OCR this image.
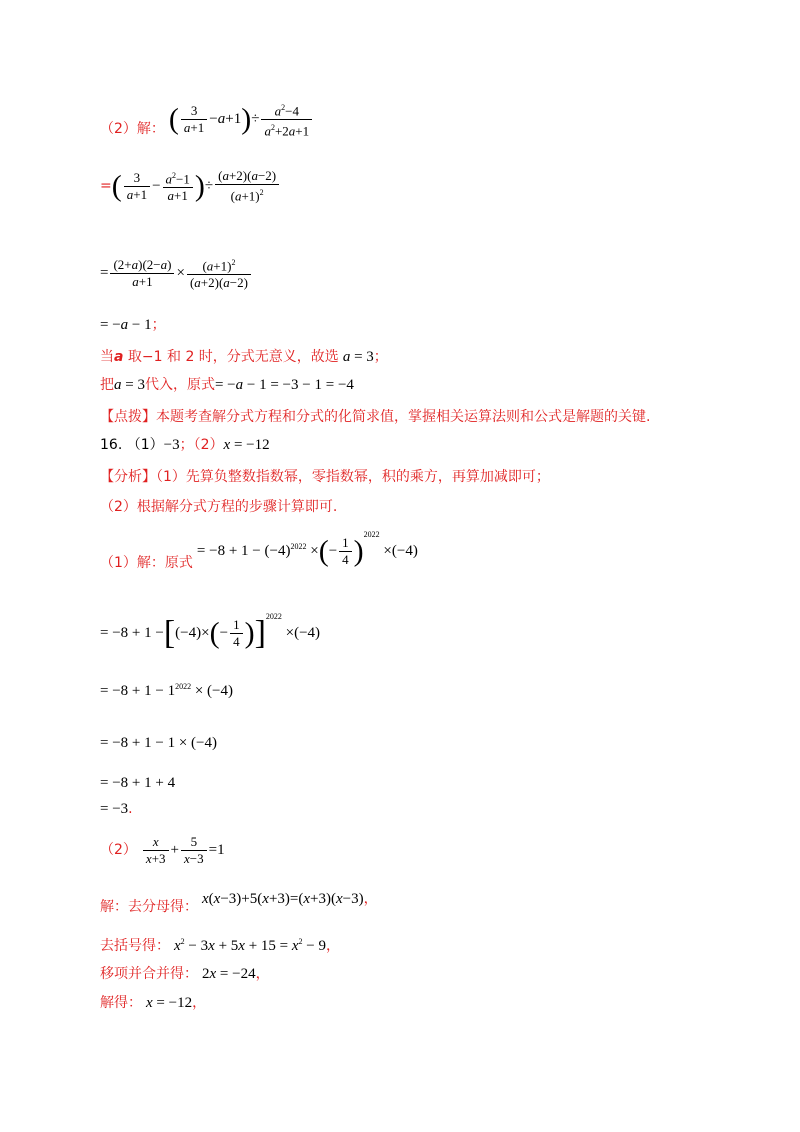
（2）解： ( $\frac{3}{a+1} -a+1)\div \frac{a^2-4}{a^2+2a+1}$
=( $\frac{3}{a+1} - \frac{a^2-1}{a+1}$ )÷ $\frac{(a+2)(a-2)}{(a+1)^2}$
= $\frac{(2+a)(2-a)}{a+1} \times \frac{(a+1)^2}{(a+2)(a-2)}$
= −a − 1；
当a 取−1 和 2 时，分式无意义，故选 a = 3；
把a = 3代入，原式= −a − 1 = −3 − 1 = −4
【点拨】本题考查解分式方程和分式的化简求值，掌握相关运算法则和公式是解题的关键.
16. （1）−3；（2）x = −12
【分析】（1）先算负整数指数幂，零指数幂，积的乘方，再算加减即可；
（2）根据解分式方程的步骤计算即可.
（1）解：原式 = $-8 + 1 - (-4)^{2022}$ ×(− $\frac{1}{4} )^{2022} \times(-4)$
= $-8 + 1 -[(-4)\times(- \frac{1}{4} )]^{2022} \times(-4)$
= $-8 + 1 - 1^{2022} \times (-4)$
= −8 + 1 − 1 × (−4)
= −8 + 1 + 4
= −3.
$(2) \frac{x}{x+3} + \frac{5}{x-3} =1$
解：去分母得： x(x−3)+5(x+3)=(x+3)(x−3)，
去括号得： $x^2 - 3x + 5x + 15 = x^2 - 9$，
移项并合并得： 2x = −24，
解得： x = −12，
